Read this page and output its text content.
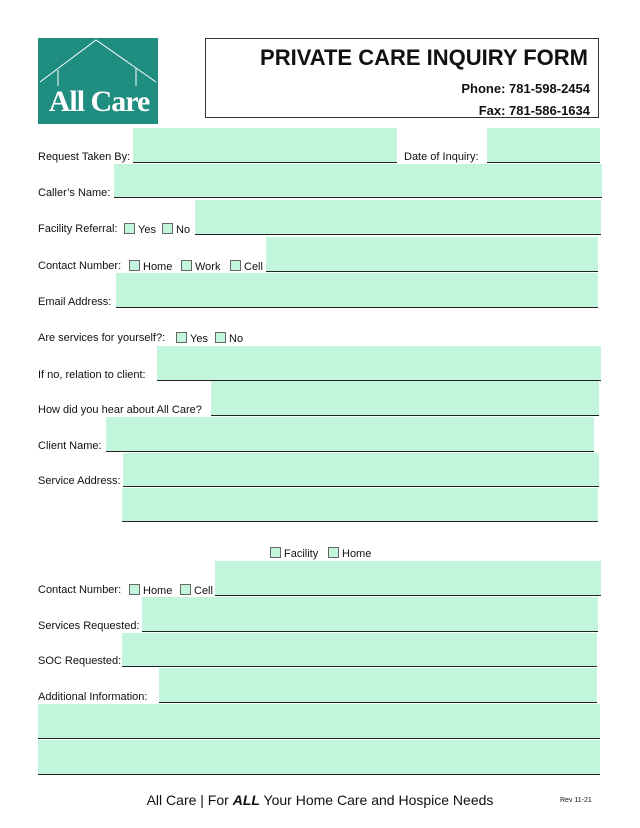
All Care
PRIVATE CARE INQUIRY FORM
Phone: 781-598-2454
Fax: 781-586-1634
Request Taken By:	Date of Inquiry:
Caller’s Name:
Facility Referral:	Yes	No
Contact Number:	Home	Work	Cell
Email Address:
Are services for yourself?:	Yes	No
If no, relation to client:
How did you hear about All Care?
Client Name:
Service Address:
Facility	Home
Contact Number:	Home	Cell
Services Requested:
SOC Requested:
Additional Information:
All Care | For ALL Your Home Care and Hospice Needs	Rev 11-21
